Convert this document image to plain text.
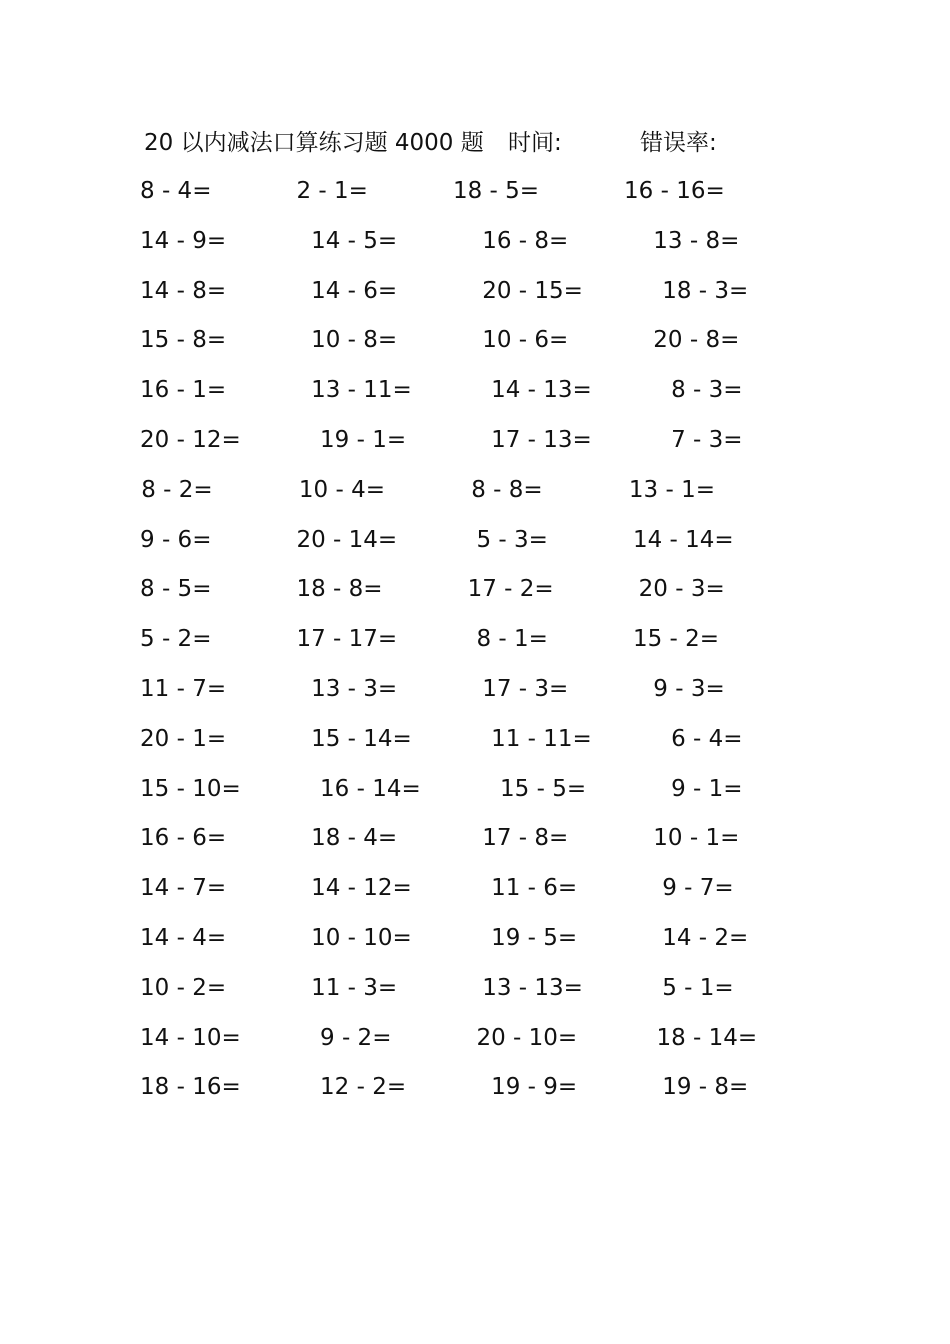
20 以内减法口算练习题 4000 题 时间:	错误率:
8 - 4=	2 - 1=	18 - 5=	16 - 16=
14 - 9=	14 - 5=	16 - 8=	13 - 8=
14 - 8=	14 - 6=	20 - 15=	18 - 3=
15 - 8=	10 - 8=	10 - 6=	20 - 8=
16 - 1=	13 - 11=	14 - 13=	8 - 3=
20 - 12=	19 - 1=	17 - 13=	7 - 3=
8 - 2=	10 - 4=	8 - 8=	13 - 1=
9 - 6=	20 - 14=	5 - 3=	14 - 14=
8 - 5=	18 - 8=	17 - 2=	20 - 3=
5 - 2=	17 - 17=	8 - 1=	15 - 2=
11 - 7=	13 - 3=	17 - 3=	9 - 3=
20 - 1=	15 - 14=	11 - 11=	6 - 4=
15 - 10=	16 - 14=	15 - 5=	9 - 1=
16 - 6=	18 - 4=	17 - 8=	10 - 1=
14 - 7=	14 - 12=	11 - 6=	9 - 7=
14 - 4=	10 - 10=	19 - 5=	14 - 2=
10 - 2=	11 - 3=	13 - 13=	5 - 1=
14 - 10=	9 - 2=	20 - 10=	18 - 14=
18 - 16=	12 - 2=	19 - 9=	19 - 8=
